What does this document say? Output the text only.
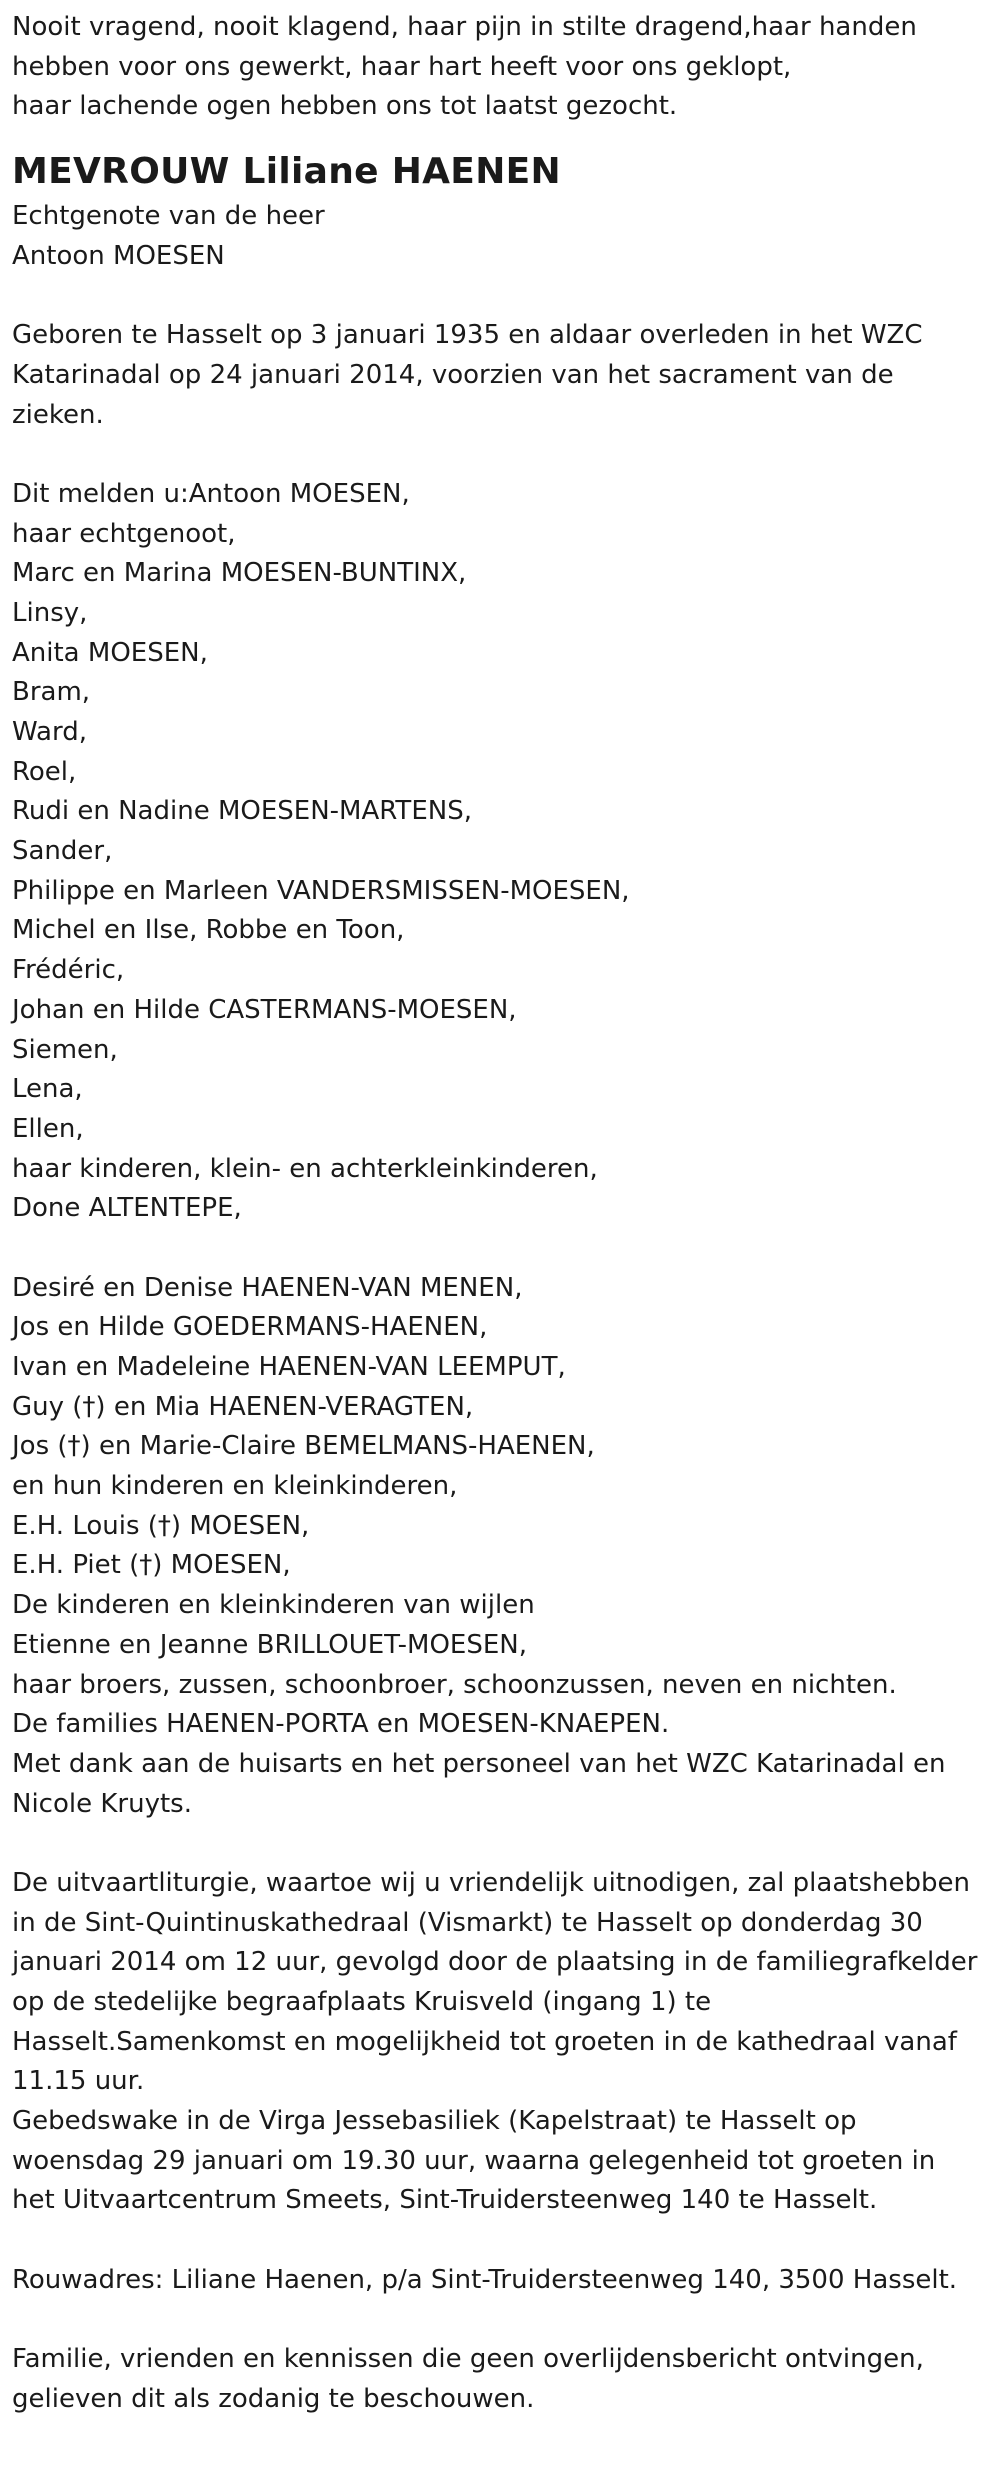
Nooit vragend, nooit klagend, haar pijn in stilte dragend,haar handen
hebben voor ons gewerkt, haar hart heeft voor ons geklopt,
haar lachende ogen hebben ons tot laatst gezocht.
MEVROUW Liliane HAENEN
Echtgenote van de heer
Antoon MOESEN
Geboren te Hasselt op 3 januari 1935 en aldaar overleden in het WZC
Katarinadal op 24 januari 2014, voorzien van het sacrament van de
zieken.
Dit melden u:Antoon MOESEN,
haar echtgenoot,
Marc en Marina MOESEN-BUNTINX,
Linsy,
Anita MOESEN,
Bram,
Ward,
Roel,
Rudi en Nadine MOESEN-MARTENS,
Sander,
Philippe en Marleen VANDERSMISSEN-MOESEN,
Michel en Ilse, Robbe en Toon,
Frédéric,
Johan en Hilde CASTERMANS-MOESEN,
Siemen,
Lena,
Ellen,
haar kinderen, klein- en achterkleinkinderen,
Done ALTENTEPE,
Desiré en Denise HAENEN-VAN MENEN,
Jos en Hilde GOEDERMANS-HAENEN,
Ivan en Madeleine HAENEN-VAN LEEMPUT,
Guy (†) en Mia HAENEN-VERAGTEN,
Jos (†) en Marie-Claire BEMELMANS-HAENEN,
en hun kinderen en kleinkinderen,
E.H. Louis (†) MOESEN,
E.H. Piet (†) MOESEN,
De kinderen en kleinkinderen van wijlen
Etienne en Jeanne BRILLOUET-MOESEN,
haar broers, zussen, schoonbroer, schoonzussen, neven en nichten.
De families HAENEN-PORTA en MOESEN-KNAEPEN.
Met dank aan de huisarts en het personeel van het WZC Katarinadal en
Nicole Kruyts.
De uitvaartliturgie, waartoe wij u vriendelijk uitnodigen, zal plaatshebben
in de Sint-Quintinuskathedraal (Vismarkt) te Hasselt op donderdag 30
januari 2014 om 12 uur, gevolgd door de plaatsing in de familiegrafkelder
op de stedelijke begraafplaats Kruisveld (ingang 1) te
Hasselt.Samenkomst en mogelijkheid tot groeten in de kathedraal vanaf
11.15 uur.
Gebedswake in de Virga Jessebasiliek (Kapelstraat) te Hasselt op
woensdag 29 januari om 19.30 uur, waarna gelegenheid tot groeten in
het Uitvaartcentrum Smeets, Sint-Truidersteenweg 140 te Hasselt.
Rouwadres: Liliane Haenen, p/a Sint-Truidersteenweg 140, 3500 Hasselt.
Familie, vrienden en kennissen die geen overlijdensbericht ontvingen,
gelieven dit als zodanig te beschouwen.
